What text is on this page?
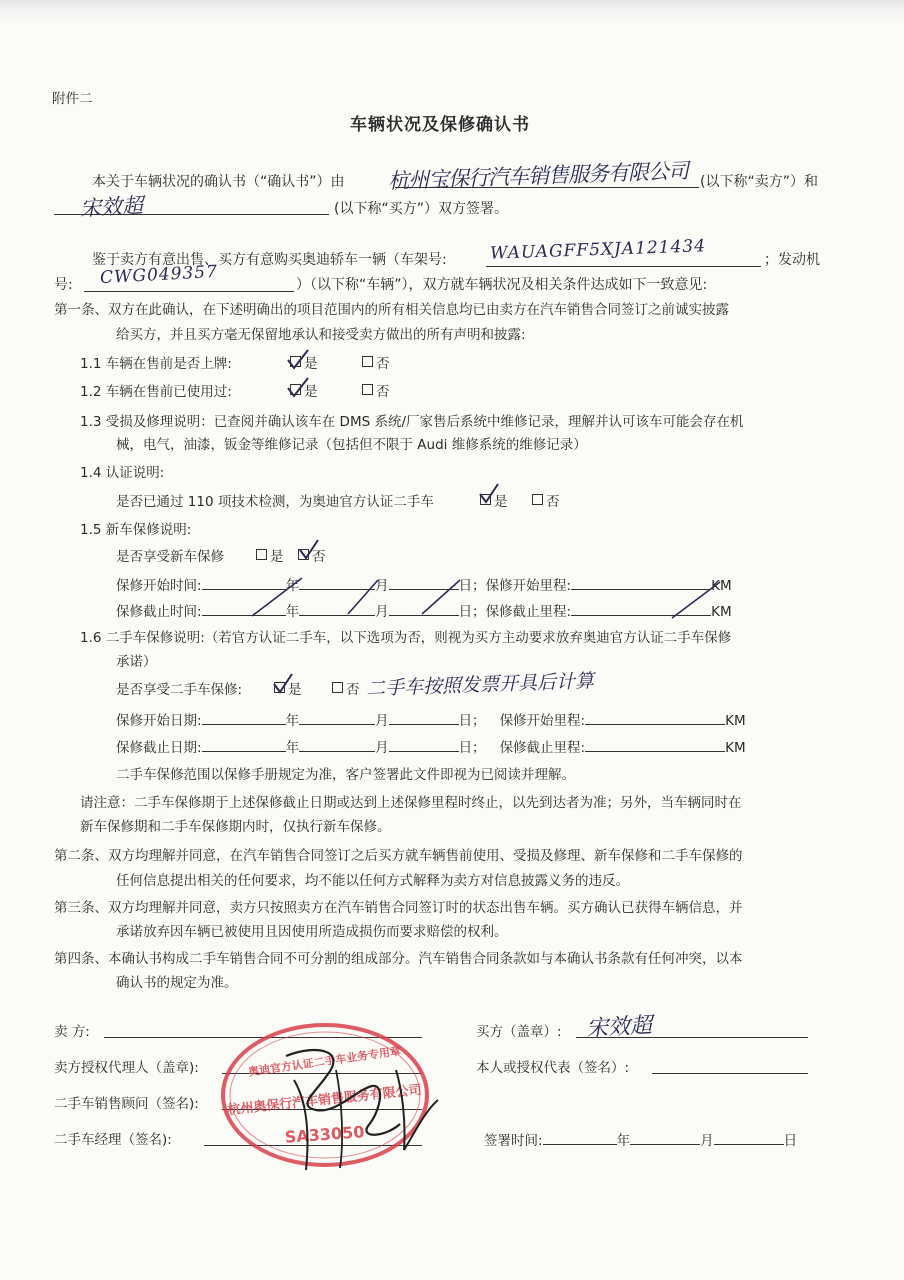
附件二
车辆状况及保修确认书
本关于车辆状况的确认书（“确认书”）由 杭州宝保行汽车销售服务有限公司 (以下称“卖方”）和
宋效超	(以下称“买方”）双方签署。
鉴于卖方有意出售、买方有意购买奥迪轿车一辆（车架号:	WAUAGFF5XJA121434	；发动机
号: CWG049357	）（以下称“车辆”），双方就车辆状况及相关条件达成如下一致意见:
第一条、双方在此确认，在下述明确出的项目范围内的所有相关信息均已由卖方在汽车销售合同签订之前诚实披露
给买方，并且买方毫无保留地承认和接受卖方做出的所有声明和披露:
1.1 车辆在售前是否上牌:	是	否
1.2 车辆在售前已使用过:	是	否
1.3 受损及修理说明：已查阅并确认该车在 DMS 系统/厂家售后系统中维修记录，理解并认可该车可能会存在机
械，电气，油漆，钣金等维修记录（包括但不限于 Audi 维修系统的维修记录）
1.4 认证说明:
是否已通过 110 项技术检测，为奥迪官方认证二手车	是	否
1.5 新车保修说明:
是否享受新车保修	是	否
保修开始时间:	年	月	日；保修开始里程:	KM
保修截止时间:	年	月	日；保修截止里程:	KM
1.6 二手车保修说明:（若官方认证二手车，以下选项为否，则视为买方主动要求放弃奥迪官方认证二手车保修
承诺）
是否享受二手车保修:	是	否 二手车按照发票开具后计算
保修开始日期:	年	月	日； 保修开始里程:	KM
保修截止日期:	年	月	日； 保修截止里程:	KM
二手车保修范围以保修手册规定为准，客户签署此文件即视为已阅读并理解。
请注意：二手车保修期于上述保修截止日期或达到上述保修里程时终止，以先到达者为准；另外，当车辆同时在
新车保修期和二手车保修期内时，仅执行新车保修。
第二条、双方均理解并同意，在汽车销售合同签订之后买方就车辆售前使用、受损及修理、新车保修和二手车保修的
任何信息提出相关的任何要求，均不能以任何方式解释为卖方对信息披露义务的违反。
第三条、双方均理解并同意，卖方只按照卖方在汽车销售合同签订时的状态出售车辆。买方确认已获得车辆信息，并
承诺放弃因车辆已被使用且因使用所造成损伤而要求赔偿的权利。
第四条、本确认书构成二手车销售合同不可分割的组成部分。汽车销售合同条款如与本确认书条款有任何冲突，以本
确认书的规定为准。
卖 方:
卖方授权代理人（盖章):
二手车销售顾问（签名):
二手车经理（签名):
买方（盖章）: 宋效超
本人或授权代表（签名）:
签署时间:	年	月	日
奥迪官方认证二手车业务专用章
杭州奥保行汽车销售服务有限公司
SA33050
